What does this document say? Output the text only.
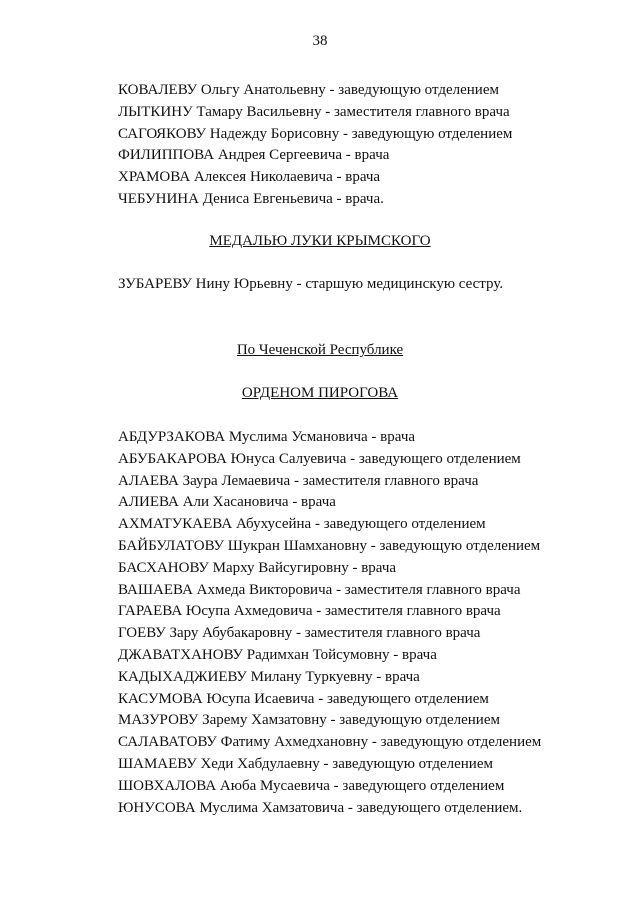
38
КОВАЛЕВУ Ольгу Анатольевну - заведующую отделением
ЛЫТКИНУ Тамару Васильевну - заместителя главного врача
САГОЯКОВУ Надежду Борисовну - заведующую отделением
ФИЛИППОВА Андрея Сергеевича - врача
ХРАМОВА Алексея Николаевича - врача
ЧЕБУНИНА Дениса Евгеньевича - врача.
МЕДАЛЬЮ ЛУКИ КРЫМСКОГО
ЗУБАРЕВУ Нину Юрьевну - старшую медицинскую сестру.
По Чеченской Республике
ОРДЕНОМ ПИРОГОВА
АБДУРЗАКОВА Муслима Усмановича - врача
АБУБАКАРОВА Юнуса Салуевича - заведующего отделением
АЛАЕВА Заура Лемаевича - заместителя главного врача
АЛИЕВА Али Хасановича - врача
АХМАТУКАЕВА Абухусейна - заведующего отделением
БАЙБУЛАТОВУ Шукран Шамхановну - заведующую отделением
БАСХАНОВУ Марху Вайсугировну - врача
ВАШАЕВА Ахмеда Викторовича - заместителя главного врача
ГАРАЕВА Юсупа Ахмедовича - заместителя главного врача
ГОЕВУ Зару Абубакаровну - заместителя главного врача
ДЖАВАТХАНОВУ Радимхан Тойсумовну - врача
КАДЫХАДЖИЕВУ Милану Туркуевну - врача
КАСУМОВА Юсупа Исаевича - заведующего отделением
МАЗУРОВУ Зарему Хамзатовну - заведующую отделением
САЛАВАТОВУ Фатиму Ахмедхановну - заведующую отделением
ШАМАЕВУ Хеди Хабдулаевну - заведующую отделением
ШОВХАЛОВА Аюба Мусаевича - заведующего отделением
ЮНУСОВА Муслима Хамзатовича - заведующего отделением.
